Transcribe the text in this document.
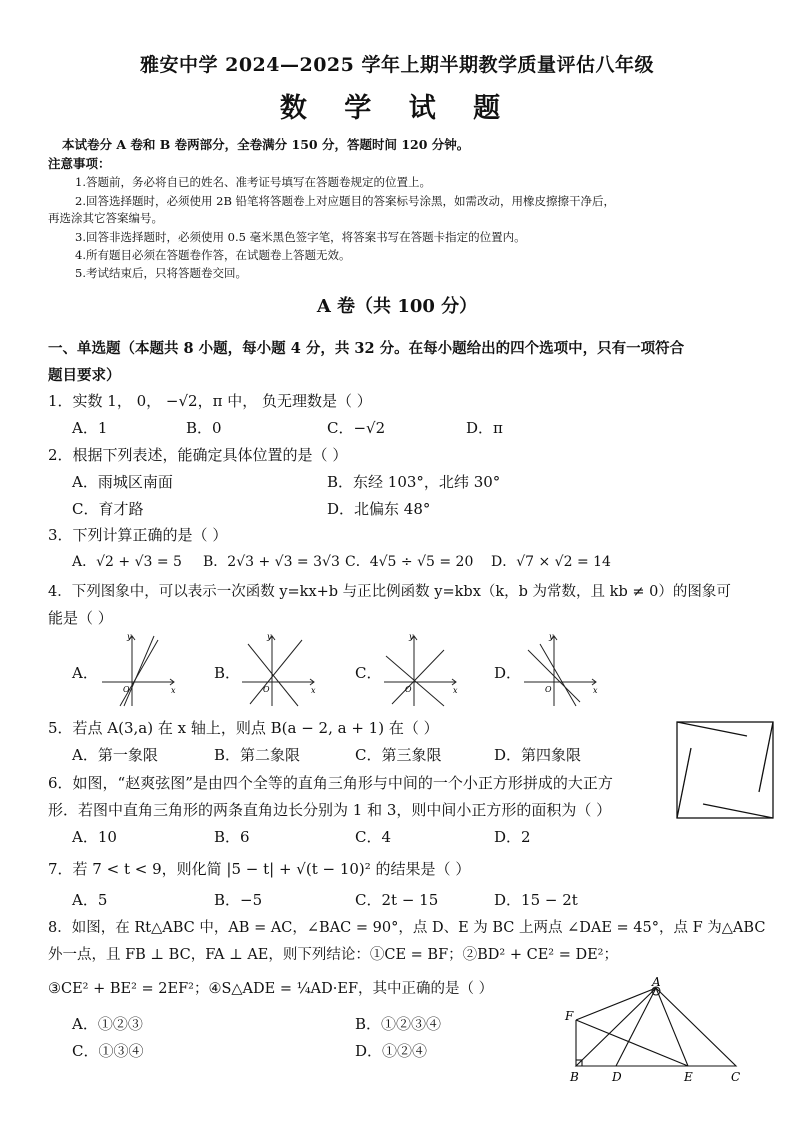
雅安中学 2024—2025 学年上期半期教学质量评估八年级
数 学 试 题
本试卷分 A 卷和 B 卷两部分，全卷满分 150 分，答题时间 120 分钟。
注意事项：
1.答题前，务必将自已的姓名、准考证号填写在答题卷规定的位置上。
2.回答选择题时，必须使用 2B 铅笔将答题卷上对应题目的答案标号涂黑，如需改动，用橡皮擦擦干净后，
再选涂其它答案编号。
3.回答非选择题时，必须使用 0.5 毫米黑色签字笔，将答案书写在答题卡指定的位置内。
4.所有题目必须在答题卷作答，在试题卷上答题无效。
5.考试结束后，只将答题卷交回。
A 卷（共 100 分）
一、单选题（本题共 8 小题，每小题 4 分，共 32 分。在每小题给出的四个选项中，只有一项符合
题目要求）
1．实数 1， 0， −√2，π 中， 负无理数是（ ）
A．1	B．0	C．−√2	D．π
2．根据下列表述，能确定具体位置的是（ ）
A．雨城区南面	B．东经 103°，北纬 30°
C．育才路	D．北偏东 48°
3．下列计算正确的是（ ）
A．√2 + √3 = 5 B．2√3 + √3 = 3√3 C．4√5 ÷ √5 = 20 D．√7 × √2 = 14
4．下列图象中，可以表示一次函数 y=kx+b 与正比例函数 y=kbx（k，b 为常数，且 kb ≠ 0）的图象可
能是（ ）
A．	B．	C．	D．
y
x
O
y
x
O
y
x
O
y
x
O
5．若点 A(3,a) 在 x 轴上，则点 B(a − 2, a + 1) 在（ ）
A．第一象限	B．第二象限	C．第三象限	D．第四象限
6．如图，“赵爽弦图”是由四个全等的直角三角形与中间的一个小正方形拼成的大正方
形．若图中直角三角形的两条直角边长分别为 1 和 3，则中间小正方形的面积为（ ）
A．10	B．6	C．4	D．2
7．若 7 < t < 9，则化简 |5 − t| + √(t − 10)² 的结果是（ ）
A．5	B．−5	C．2t − 15	D．15 − 2t
8．如图，在 Rt△ABC 中，AB = AC，∠BAC = 90°，点 D、E 为 BC 上两点 ∠DAE = 45°，点 F 为△ABC
外一点，且 FB ⊥ BC，FA ⊥ AE，则下列结论：①CE = BF；②BD² + CE² = DE²；
③CE² + BE² = 2EF²；④S△ADE = ¼AD·EF，其中正确的是（ ）
A．①②③	B．①②③④
C．①③④	D．①②④
A
F
B	D	E	C
